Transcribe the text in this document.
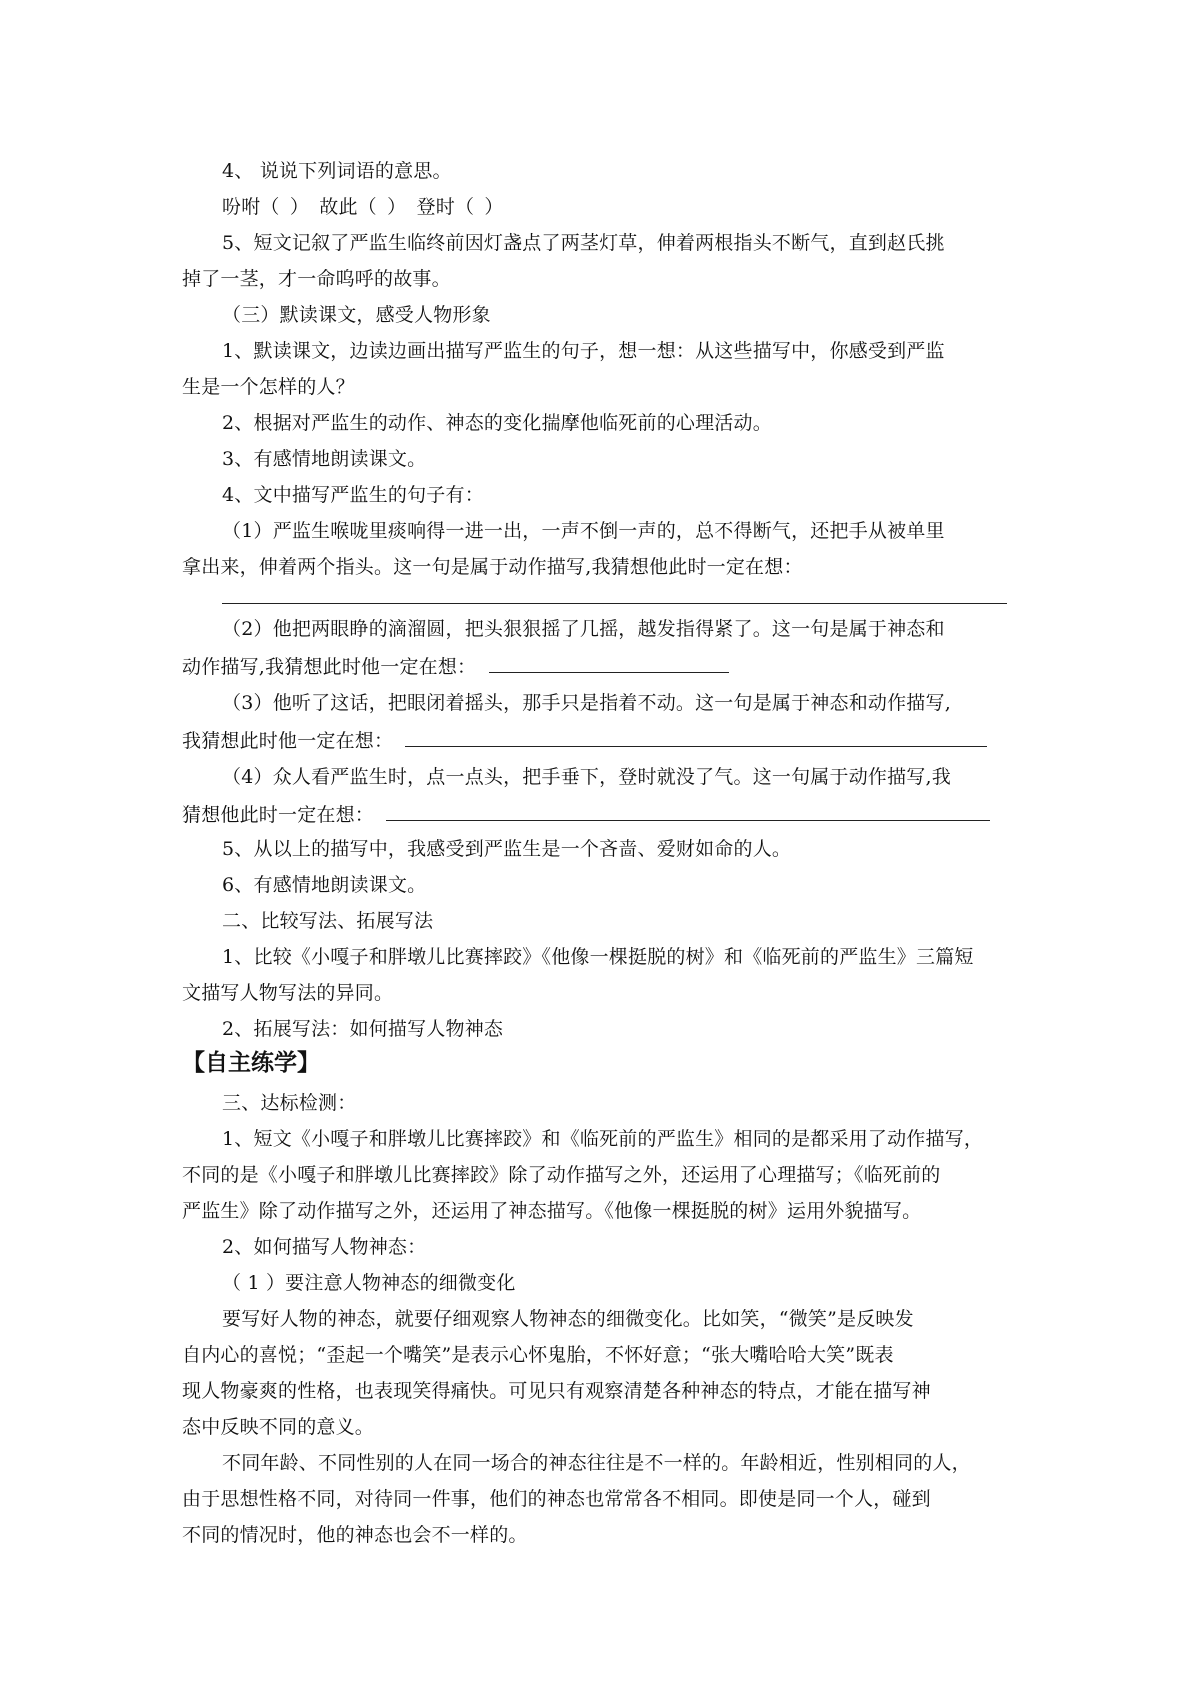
4、 说说下列词语的意思。
吩咐（ ） 故此（ ） 登时（ ）
5、短文记叙了严监生临终前因灯盏点了两茎灯草，伸着两根指头不断气，直到赵氏挑
掉了一茎，才一命呜呼的故事。
（三）默读课文，感受人物形象
1、默读课文，边读边画出描写严监生的句子，想一想：从这些描写中，你感受到严监
生是一个怎样的人？
2、根据对严监生的动作、神态的变化揣摩他临死前的心理活动。
3、有感情地朗读课文。
4、文中描写严监生的句子有：
（1）严监生喉咙里痰响得一进一出，一声不倒一声的，总不得断气，还把手从被单里
拿出来，伸着两个指头。这一句是属于动作描写,我猜想他此时一定在想：
（2）他把两眼睁的滴溜圆，把头狠狠摇了几摇，越发指得紧了。这一句是属于神态和
动作描写,我猜想此时他一定在想：
（3）他听了这话，把眼闭着摇头，那手只是指着不动。这一句是属于神态和动作描写,
我猜想此时他一定在想：
（4）众人看严监生时，点一点头，把手垂下，登时就没了气。这一句属于动作描写,我
猜想他此时一定在想：
5、从以上的描写中，我感受到严监生是一个吝啬、爱财如命的人。
6、有感情地朗读课文。
二、比较写法、拓展写法
1、比较《小嘎子和胖墩儿比赛摔跤》《他像一棵挺脱的树》和《临死前的严监生》三篇短
文描写人物写法的异同。
2、拓展写法：如何描写人物神态
【自主练学】
三、达标检测：
1、短文《小嘎子和胖墩儿比赛摔跤》和《临死前的严监生》相同的是都采用了动作描写，
不同的是《小嘎子和胖墩儿比赛摔跤》除了动作描写之外，还运用了心理描写；《临死前的
严监生》除了动作描写之外，还运用了神态描写。《他像一棵挺脱的树》运用外貌描写。
2、如何描写人物神态：
（ 1 ）要注意人物神态的细微变化
要写好人物的神态，就要仔细观察人物神态的细微变化。比如笑，“微笑”是反映发
自内心的喜悦；“歪起一个嘴笑”是表示心怀鬼胎，不怀好意；“张大嘴哈哈大笑”既表
现人物豪爽的性格，也表现笑得痛快。可见只有观察清楚各种神态的特点，才能在描写神
态中反映不同的意义。
不同年龄、不同性别的人在同一场合的神态往往是不一样的。年龄相近，性别相同的人，
由于思想性格不同，对待同一件事，他们的神态也常常各不相同。即使是同一个人，碰到
不同的情况时，他的神态也会不一样的。
